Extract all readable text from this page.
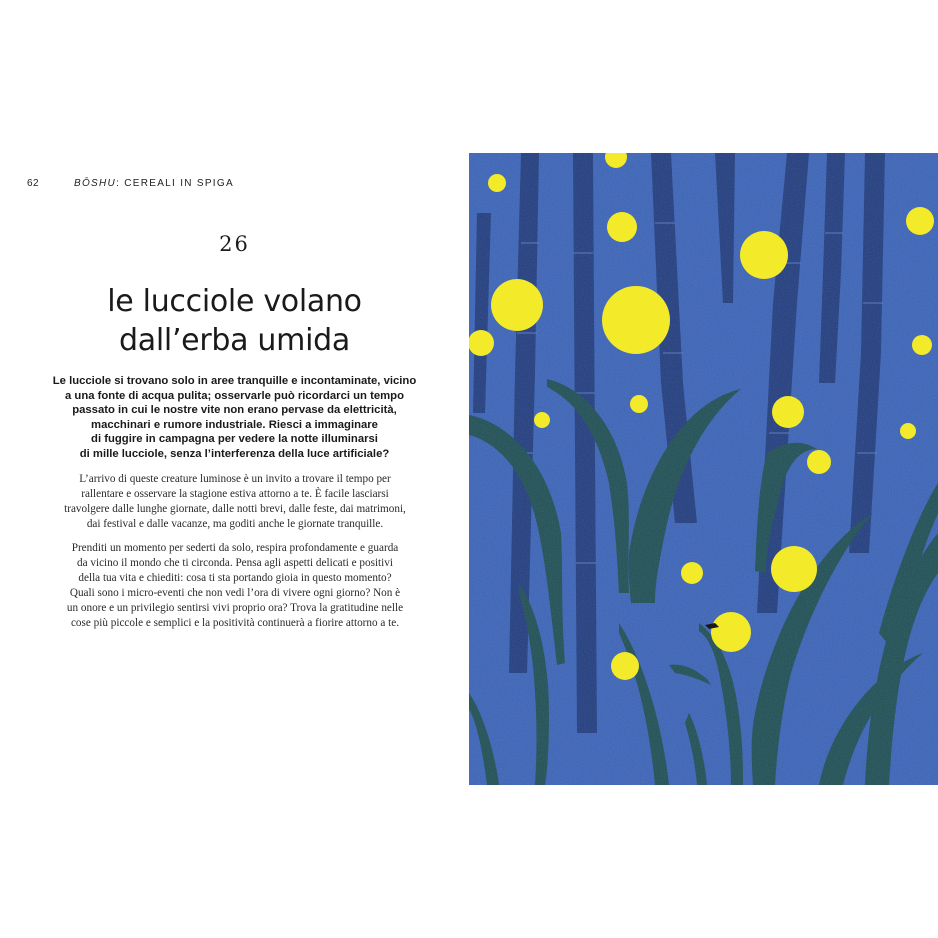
62	BŌSHU: CEREALI IN SPIGA
26
le lucciole volano
dall’erba umida

Le lucciole si trovano solo in aree tranquille e incontaminate, vicino
a una fonte di acqua pulita; osservarle può ricordarci un tempo
passato in cui le nostre vite non erano pervase da elettricità,
macchinari e rumore industriale. Riesci a immaginare
di fuggire in campagna per vedere la notte illuminarsi
di mille lucciole, senza l’interferenza della luce artificiale?

L’arrivo di queste creature luminose è un invito a trovare il tempo per
rallentare e osservare la stagione estiva attorno a te. È facile lasciarsi
travolgere dalle lunghe giornate, dalle notti brevi, dalle feste, dai matrimoni,
dai festival e dalle vacanze, ma goditi anche le giornate tranquille.

Prenditi un momento per sederti da solo, respira profondamente e guarda
da vicino il mondo che ti circonda. Pensa agli aspetti delicati e positivi
della tua vita e chiediti: cosa ti sta portando gioia in questo momento?
Quali sono i micro-eventi che non vedi l’ora di vivere ogni giorno? Non è
un onore e un privilegio sentirsi vivi proprio ora? Trova la gratitudine nelle
cose più piccole e semplici e la positività continuerà a fiorire attorno a te.
